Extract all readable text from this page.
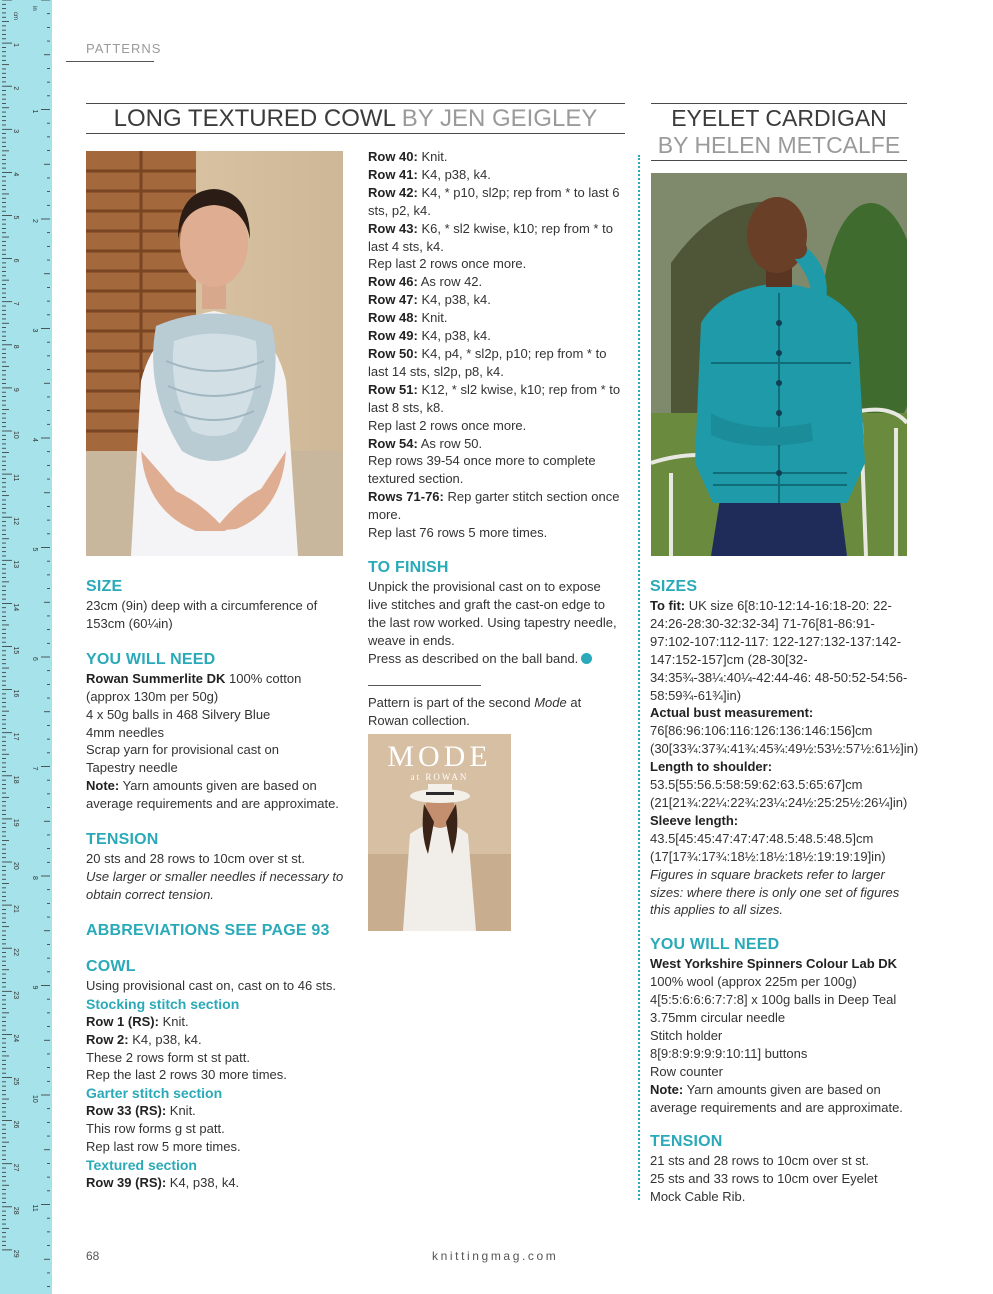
1
2
3
4
5
6
7
8
9
10
11
12
13
14
15
16
17
18
19
20
21
22
23
24
25
26
27
28
29
1
2
3
4
5
6
7
8
9
10
11
cm
in
PATTERNS
LONG TEXTURED COWL BY JEN GEIGLEY	EYELET CARDIGAN
BY HELEN METCALFE

SIZE

23cm (9in) deep with a circumference of 153cm (60¼in)

YOU WILL NEED

Rowan Summerlite DK 100% cotton (approx 130m per 50g)

4 x 50g balls in 468 Silvery Blue

4mm needles

Scrap yarn for provisional cast on

Tapestry needle

Note: Yarn amounts given are based on average requirements and are approximate.

TENSION

20 sts and 28 rows to 10cm over st st.

Use larger or smaller needles if necessary to obtain correct tension.

ABBREVIATIONS SEE PAGE 93

COWL

Using provisional cast on, cast on to 46 sts.

Stocking stitch section

Row 1 (RS): Knit.

Row 2: K4, p38, k4.

These 2 rows form st st patt.

Rep the last 2 rows 30 more times.

Garter stitch section

Row 33 (RS): Knit.

This row forms g st patt.

Rep last row 5 more times.

Textured section

Row 39 (RS): K4, p38, k4.

Row 40: Knit.

Row 41: K4, p38, k4.

Row 42: K4, * p10, sl2p; rep from * to last 6 sts, p2, k4.

Row 43: K6, * sl2 kwise, k10; rep from * to last 4 sts, k4.

Rep last 2 rows once more.

Row 46: As row 42.

Row 47: K4, p38, k4.

Row 48: Knit.

Row 49: K4, p38, k4.

Row 50: K4, p4, * sl2p, p10; rep from * to last 14 sts, sl2p, p8, k4.

Row 51: K12, * sl2 kwise, k10; rep from * to last 8 sts, k8.

Rep last 2 rows once more.

Row 54: As row 50.

Rep rows 39-54 once more to complete textured section.

Rows 71-76: Rep garter stitch section once more.

Rep last 76 rows 5 more times.

TO FINISH

Unpick the provisional cast on to expose live stitches and graft the cast-on edge to the last row worked. Using tapestry needle, weave in ends.

Press as described on the ball band.

Pattern is part of the second Mode at Rowan collection.

MODE
at ROWAN

SIZES

To fit: UK size 6[8:10-12:14-16:18-20: 22-24:26-28:30-32:32-34] 71-76[81-86:91-97:102-107:112-117: 122-127:132-137:142-147:152-157]cm (28-30[32-34:35¾-38¼:40¼-42:44-46: 48-50:52-54:56-58:59¾-61¾]in)

Actual bust measurement:

76[86:96:106:116:126:136:146:156]cm (30[33¾:37¾:41¾:45¾:49½:53½:57½:61½]in)

Length to shoulder:

53.5[55:56.5:58:59:62:63.5:65:67]cm (21[21¾:22¼:22¾:23¼:24½:25:25½:26¼]in)

Sleeve length:

43.5[45:45:47:47:47:48.5:48.5:48.5]cm (17[17¾:17¾:18½:18½:18½:19:19:19]in)

Figures in square brackets refer to larger sizes: where there is only one set of figures this applies to all sizes.

YOU WILL NEED

West Yorkshire Spinners Colour Lab DK

100% wool (approx 225m per 100g)

4[5:5:6:6:6:7:7:8] x 100g balls in Deep Teal

3.75mm circular needle

Stitch holder

8[9:8:9:9:9:9:10:11] buttons

Row counter

Note: Yarn amounts given are based on average requirements and are approximate.

TENSION

21 sts and 28 rows to 10cm over st st.

25 sts and 33 rows to 10cm over Eyelet Mock Cable Rib.

68	knittingmag.com
